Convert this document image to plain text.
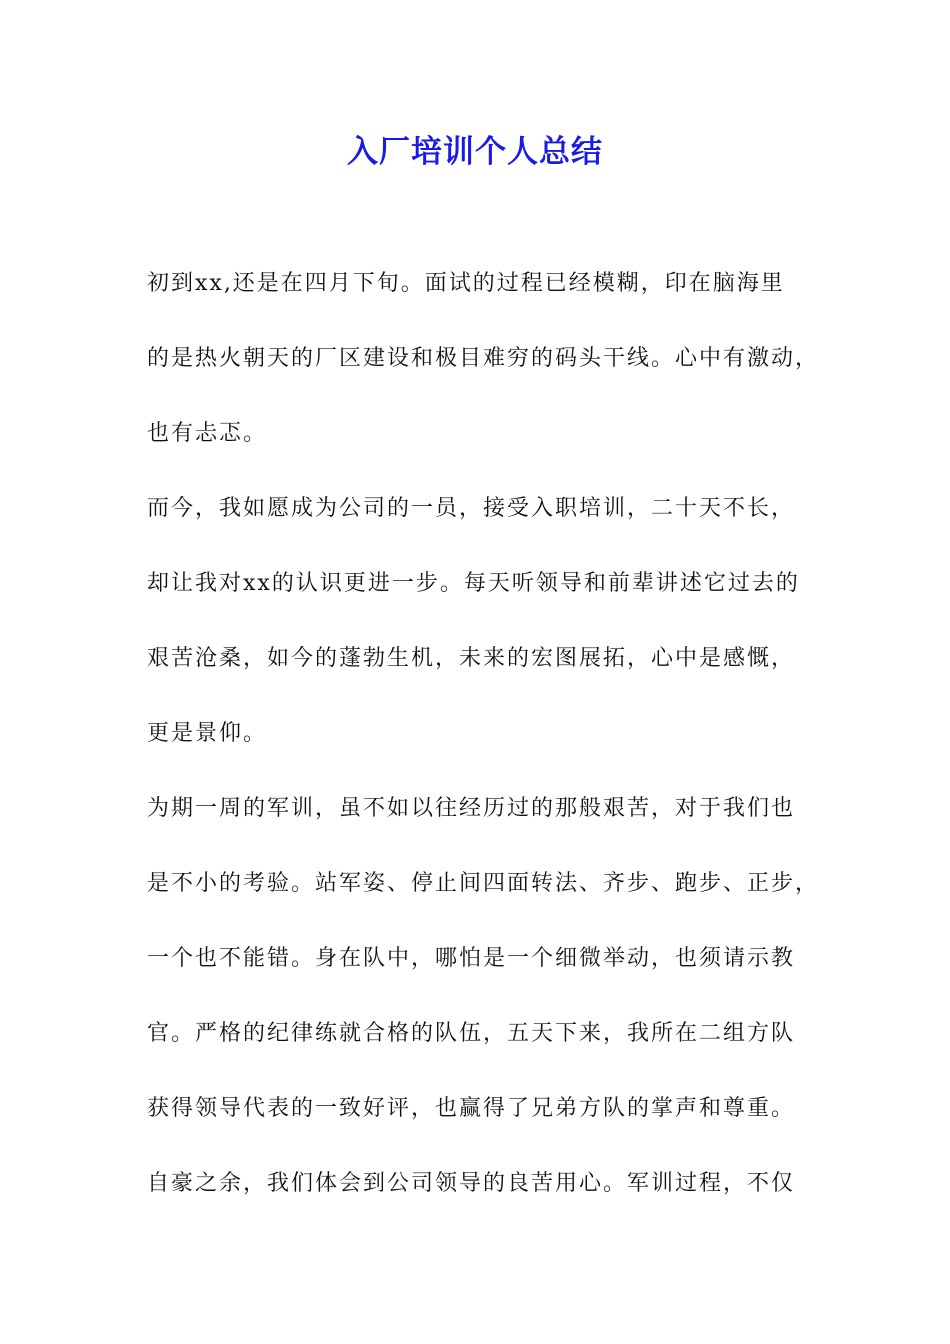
入厂培训个人总结
初到xx,还是在四月下旬。面试的过程已经模糊，印在脑海里
的是热火朝天的厂区建设和极目难穷的码头干线。心中有激动，
也有忐忑。
而今，我如愿成为公司的一员，接受入职培训，二十天不长，
却让我对xx的认识更进一步。每天听领导和前辈讲述它过去的
艰苦沧桑，如今的蓬勃生机，未来的宏图展拓，心中是感慨，
更是景仰。
为期一周的军训，虽不如以往经历过的那般艰苦，对于我们也
是不小的考验。站军姿、停止间四面转法、齐步、跑步、正步，
一个也不能错。身在队中，哪怕是一个细微举动，也须请示教
官。严格的纪律练就合格的队伍，五天下来，我所在二组方队
获得领导代表的一致好评，也赢得了兄弟方队的掌声和尊重。
自豪之余，我们体会到公司领导的良苦用心。军训过程，不仅
